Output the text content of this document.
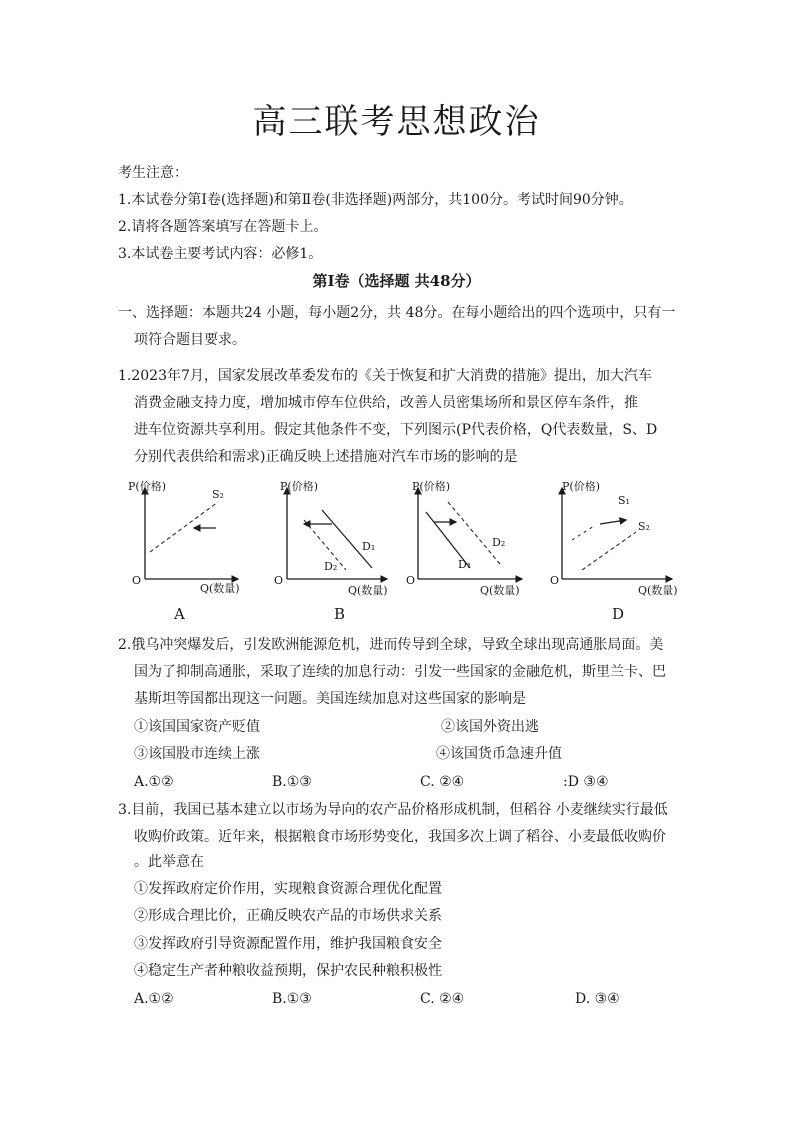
高三联考思想政治
考生注意：
1.本试卷分第Ⅰ卷(选择题)和第Ⅱ卷(非选择题)两部分，共100分。考试时间90分钟。
2.请将各题答案填写在答题卡上。
3.本试卷主要考试内容：必修1。
第Ⅰ卷（选择题 共48分）
一、选择题：本题共24 小题，每小题2分，共 48分。在每小题给出的四个选项中，只有一
项符合题目要求。
1.2023年7月，国家发展改革委发布的《关于恢复和扩大消费的措施》提出，加大汽车
消费金融支持力度，增加城市停车位供给，改善人员密集场所和景区停车条件，推
进车位资源共享利用。假定其他条件不变，下列图示(P代表价格，Q代表数量，S、D
分别代表供给和需求)正确反映上述措施对汽车市场的影响的是
P(价格)
O
Q(数量)
S₂
A
P(价格)
O
Q(数量)
D₁
D₂
B
P(价格)
O
Q(数量)
D₂
D₁
P(价格)
O
Q(数量)
S₁
S₂
D
2.俄乌冲突爆发后，引发欧洲能源危机，进而传导到全球，导致全球出现高通胀局面。美
国为了抑制高通胀，采取了连续的加息行动：引发一些国家的金融危机，斯里兰卡、巴
基斯坦等国都出现这一问题。美国连续加息对这些国家的影响是
①该国国家资产贬值	②该国外资出逃
③该国股市连续上涨	④该国货币急速升值
A.①②	B.①③	C. ②④	:D ③④
3.目前，我国已基本建立以市场为导向的农产品价格形成机制，但稻谷 小麦继续实行最低
收购价政策。近年来，根据粮食市场形势变化，我国多次上调了稻谷、小麦最低收购价
。此举意在
①发挥政府定价作用，实现粮食资源合理优化配置
②形成合理比价，正确反映农产品的市场供求关系
③发挥政府引导资源配置作用，维护我国粮食安全
④稳定生产者种粮收益预期，保护农民种粮积极性
A.①②	B.①③	C. ②④	D. ③④
